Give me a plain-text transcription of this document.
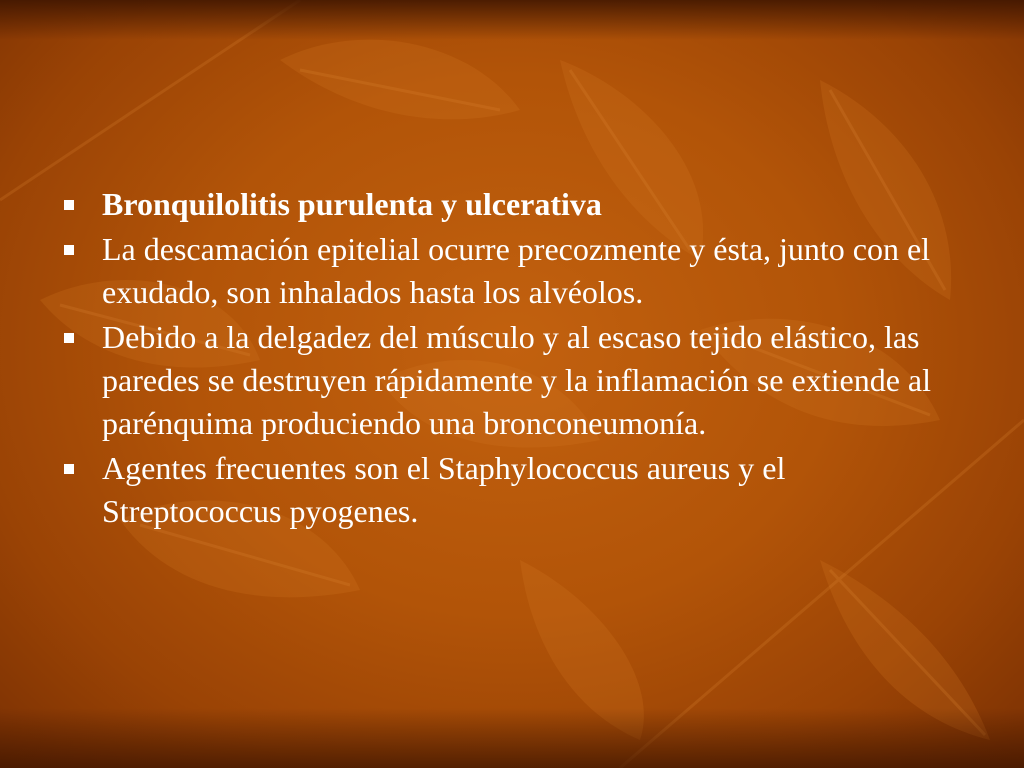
Bronquilolitis purulenta y ulcerativa
La descamación epitelial ocurre precozmente y ésta, junto con el exudado, son inhalados hasta los alvéolos.
Debido a la delgadez del músculo y al escaso tejido elástico, las paredes se destruyen rápidamente y la inflamación se extiende al parénquima produciendo una bronconeumonía.
Agentes frecuentes son el Staphylococcus aureus y el Streptococcus pyogenes.
